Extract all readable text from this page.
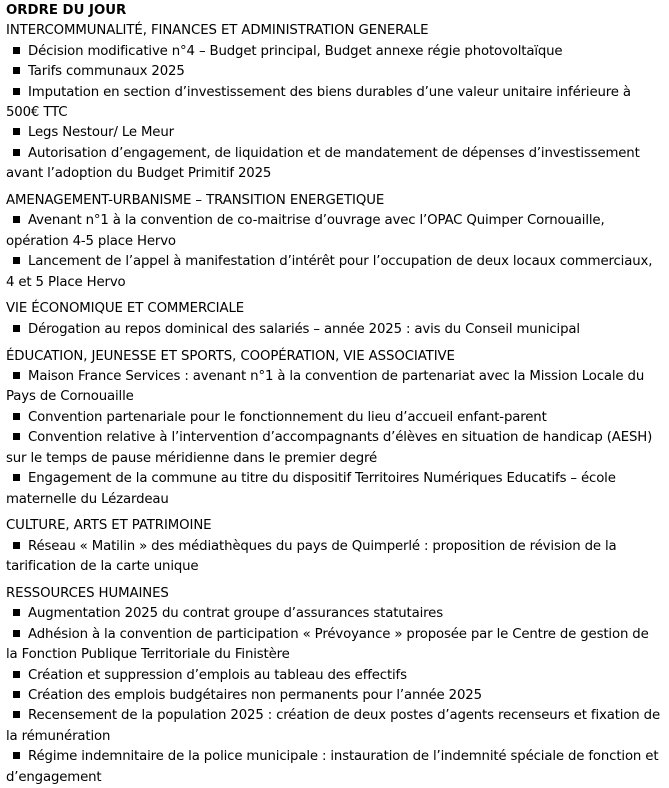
ORDRE DU JOUR

INTERCOMMUNALITÉ, FINANCES ET ADMINISTRATION GENERALE

Décision modificative n°4 – Budget principal, Budget annexe régie photovoltaïque
Tarifs communaux 2025
Imputation en section d’investissement des biens durables d’une valeur unitaire inférieure à 500€ TTC
Legs Nestour/ Le Meur
Autorisation d’engagement, de liquidation et de mandatement de dépenses d’investissement avant l’adoption du Budget Primitif 2025

AMENAGEMENT-URBANISME – TRANSITION ENERGETIQUE

Avenant n°1 à la convention de co-maitrise d’ouvrage avec l’OPAC Quimper Cornouaille, opération 4-5 place Hervo
Lancement de l’appel à manifestation d’intérêt pour l’occupation de deux locaux commerciaux, 4 et 5 Place Hervo

VIE ÉCONOMIQUE ET COMMERCIALE

Dérogation au repos dominical des salariés – année 2025 : avis du Conseil municipal

ÉDUCATION, JEUNESSE ET SPORTS, COOPÉRATION, VIE ASSOCIATIVE

Maison France Services : avenant n°1 à la convention de partenariat avec la Mission Locale du Pays de Cornouaille
Convention partenariale pour le fonctionnement du lieu d’accueil enfant-parent
Convention relative à l’intervention d’accompagnants d’élèves en situation de handicap (AESH) sur le temps de pause méridienne dans le premier degré
Engagement de la commune au titre du dispositif Territoires Numériques Educatifs – école maternelle du Lézardeau

CULTURE, ARTS ET PATRIMOINE

Réseau « Matilin » des médiathèques du pays de Quimperlé : proposition de révision de la tarification de la carte unique

RESSOURCES HUMAINES

Augmentation 2025 du contrat groupe d’assurances statutaires
Adhésion à la convention de participation « Prévoyance » proposée par le Centre de gestion de la Fonction Publique Territoriale du Finistère
Création et suppression d’emplois au tableau des effectifs
Création des emplois budgétaires non permanents pour l’année 2025
Recensement de la population 2025 : création de deux postes d’agents recenseurs et fixation de la rémunération
Régime indemnitaire de la police municipale : instauration de l’indemnité spéciale de fonction et d’engagement
